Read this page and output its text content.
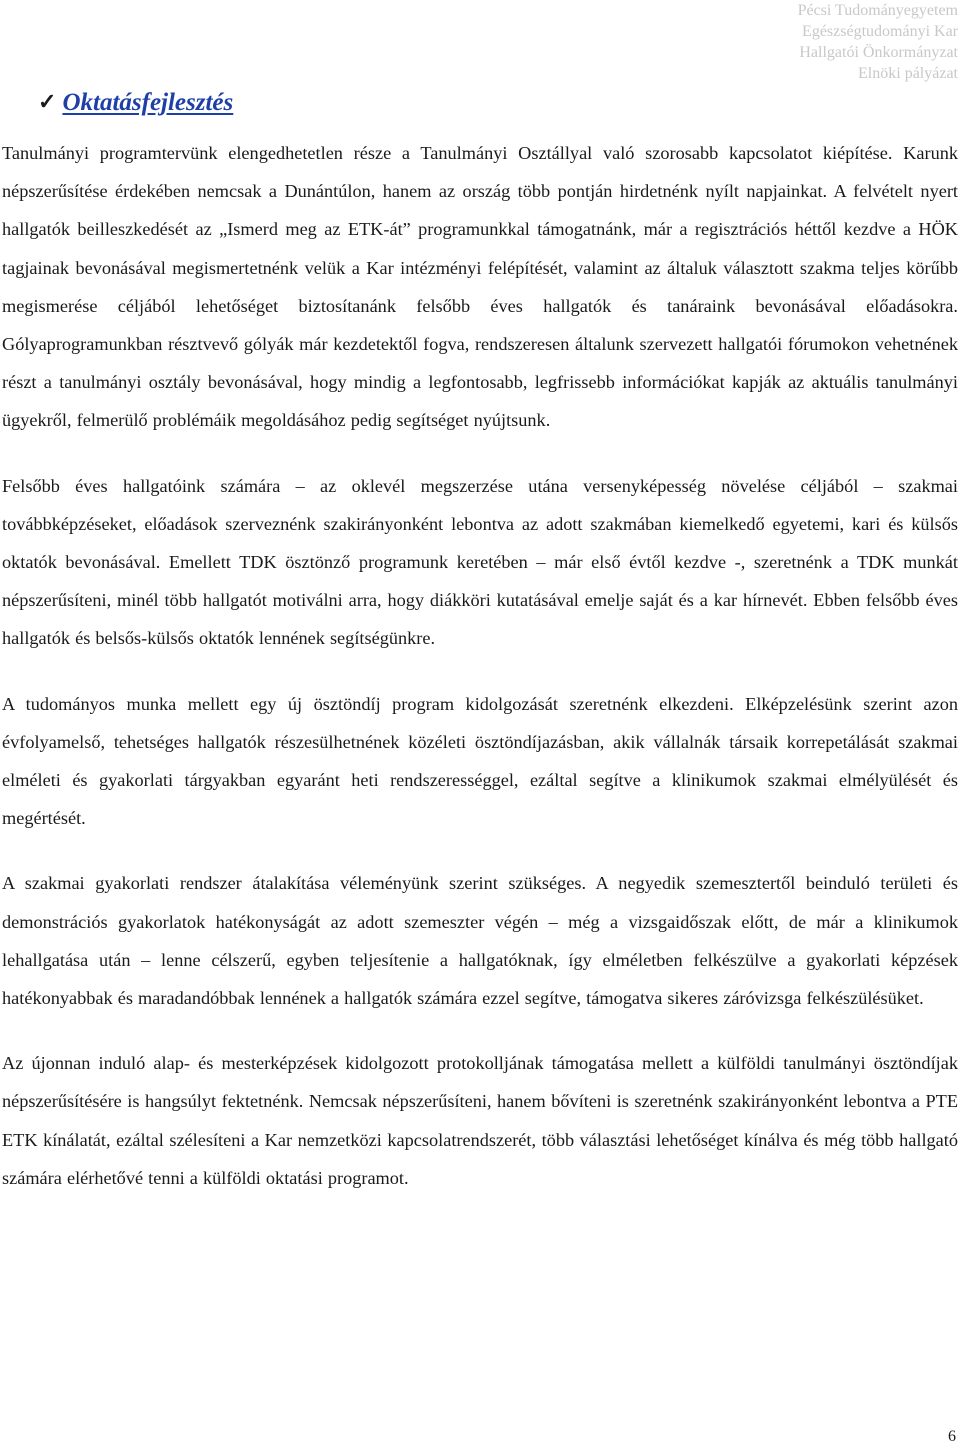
Pécsi Tudományegyetem
Egészségtudományi Kar
Hallgatói Önkormányzat
Elnöki pályázat
✓ Oktatásfejlesztés

Tanulmányi programtervünk elengedhetetlen része a Tanulmányi Osztállyal való szorosabb kapcsolatot kiépítése. Karunk népszerűsítése érdekében nemcsak a Dunántúlon, hanem az ország több pontján hirdetnénk nyílt napjainkat. A felvételt nyert hallgatók beilleszkedését az „Ismerd meg az ETK-át” programunkkal támogatnánk, már a regisztrációs héttől kezdve a HÖK tagjainak bevonásával megismertetnénk velük a Kar intézményi felépítését, valamint az általuk választott szakma teljes körűbb megismerése céljából lehetőséget biztosítanánk felsőbb éves hallgatók és tanáraink bevonásával előadásokra. Gólyaprogramunkban résztvevő gólyák már kezdetektől fogva, rendszeresen általunk szervezett hallgatói fórumokon vehetnének részt a tanulmányi osztály bevonásával, hogy mindig a legfontosabb, legfrissebb információkat kapják az aktuális tanulmányi ügyekről, felmerülő problémáik megoldásához pedig segítséget nyújtsunk.

Felsőbb éves hallgatóink számára – az oklevél megszerzése utána versenyképesség növelése céljából – szakmai továbbképzéseket, előadások szerveznénk szakirányonként lebontva az adott szakmában kiemelkedő egyetemi, kari és külsős oktatók bevonásával. Emellett TDK ösztönző programunk keretében – már első évtől kezdve -, szeretnénk a TDK munkát népszerűsíteni, minél több hallgatót motiválni arra, hogy diákköri kutatásával emelje saját és a kar hírnevét. Ebben felsőbb éves hallgatók és belsős-külsős oktatók lennének segítségünkre.

A tudományos munka mellett egy új ösztöndíj program kidolgozását szeretnénk elkezdeni. Elképzelésünk szerint azon évfolyamelső, tehetséges hallgatók részesülhetnének közéleti ösztöndíjazásban, akik vállalnák társaik korrepetálását szakmai elméleti és gyakorlati tárgyakban egyaránt heti rendszerességgel, ezáltal segítve a klinikumok szakmai elmélyülését és megértését.

A szakmai gyakorlati rendszer átalakítása véleményünk szerint szükséges. A negyedik szemesztertől beinduló területi és demonstrációs gyakorlatok hatékonyságát az adott szemeszter végén – még a vizsgaidőszak előtt, de már a klinikumok lehallgatása után – lenne célszerű, egyben teljesítenie a hallgatóknak, így elméletben felkészülve a gyakorlati képzések hatékonyabbak és maradandóbbak lennének a hallgatók számára ezzel segítve, támogatva sikeres záróvizsga felkészülésüket.

Az újonnan induló alap- és mesterképzések kidolgozott protokolljának támogatása mellett a külföldi tanulmányi ösztöndíjak népszerűsítésére is hangsúlyt fektetnénk. Nemcsak népszerűsíteni, hanem bővíteni is szeretnénk szakirányonként lebontva a PTE ETK kínálatát, ezáltal szélesíteni a Kar nemzetközi kapcsolatrendszerét, több választási lehetőséget kínálva és még több hallgató számára elérhetővé tenni a külföldi oktatási programot.

6
